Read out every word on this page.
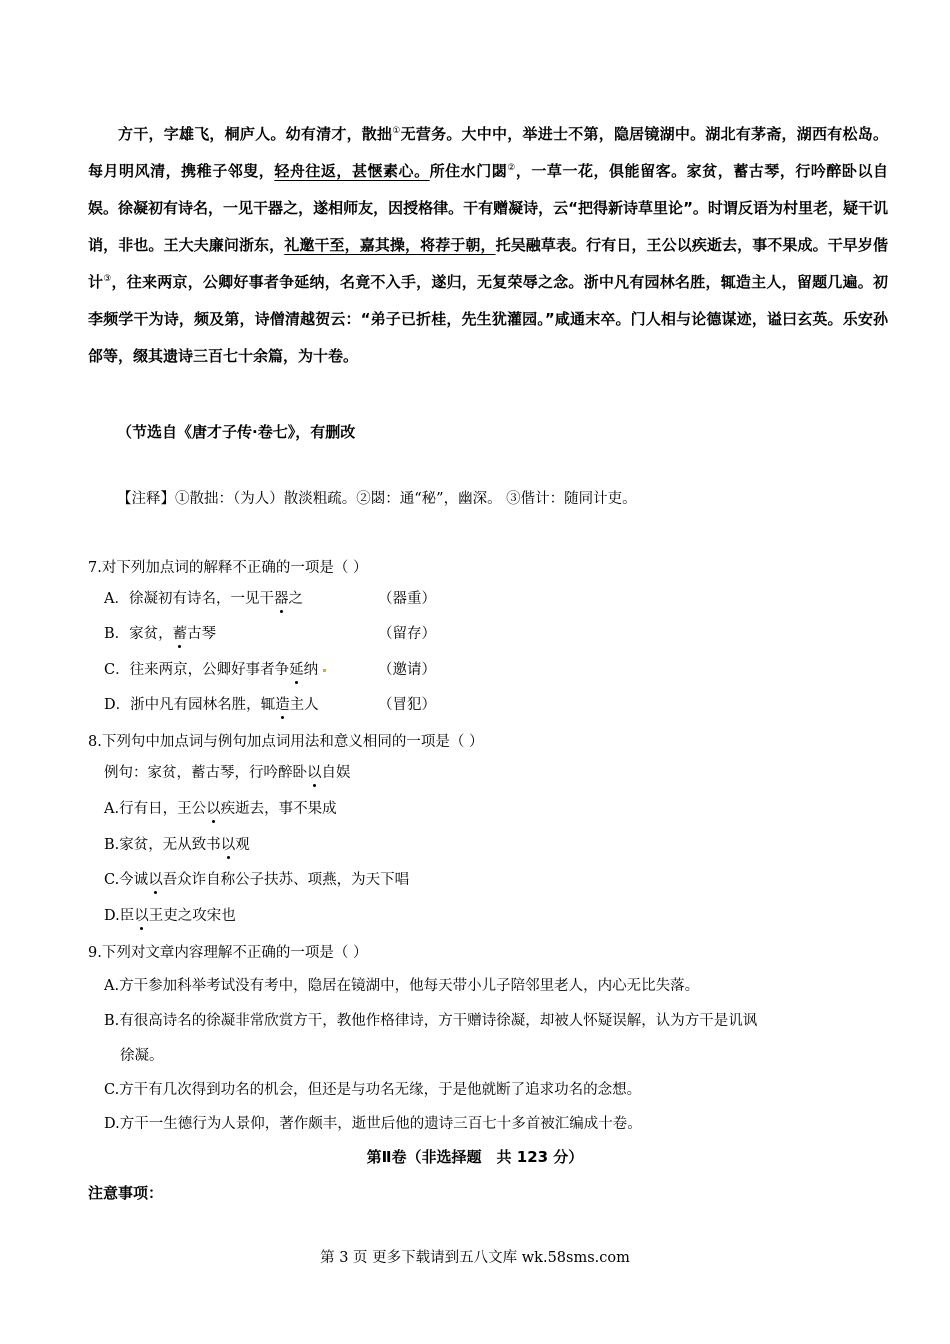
方干，字雄飞，桐庐人。幼有清才，散拙①无营务。大中中，举进士不第，隐居镜湖中。湖北有茅斋，湖西有松岛。每月明风清，携稚子邻叟，轻舟往返，甚惬素心。所住水门閟②，一草一花，俱能留客。家贫，蓄古琴，行吟醉卧以自娱。徐凝初有诗名，一见干器之，遂相师友，因授格律。干有赠凝诗，云“把得新诗草里论”。时谓反语为村里老，疑干讥诮，非也。王大夫廉问浙东，礼邀干至，嘉其操，将荐于朝，托吴融草表。行有日，王公以疾逝去，事不果成。干早岁偕计③，往来两京，公卿好事者争延纳，名竟不入手，遂归，无复荣辱之念。浙中凡有园林名胜，辄造主人，留题几遍。初李频学干为诗，频及第，诗僧清越贺云：“弟子已折桂，先生犹灌园。”咸通末卒。门人相与论德谋迹，谥曰玄英。乐安孙郃等，缀其遗诗三百七十余篇，为十卷。

（节选自《唐才子传·卷七》，有删改
【注释】①散拙：（为人）散淡粗疏。②閟：通“秘”，幽深。 ③偕计：随同计吏。
7.对下列加点词的解释不正确的一项是（ ）
A．徐凝初有诗名，一见干器之	（器重）
B．家贫，蓄古琴	（留存）
C．往来两京，公卿好事者争延纳	（邀请）
D．浙中凡有园林名胜，辄造主人	（冒犯）
8.下列句中加点词与例句加点词用法和意义相同的一项是（ ）
例句：家贫，蓄古琴，行吟醉卧以自娱
A.行有日，王公以疾逝去，事不果成
B.家贫，无从致书以观
C.今诚以吾众诈自称公子扶苏、项燕，为天下唱
D.臣以王吏之攻宋也
9.下列对文章内容理解不正确的一项是（ ）
A.方干参加科举考试没有考中，隐居在镜湖中，他每天带小儿子陪邻里老人，内心无比失落。
B.有很高诗名的徐凝非常欣赏方干，教他作格律诗，方干赠诗徐凝，却被人怀疑误解，认为方干是讥讽
徐凝。
C.方干有几次得到功名的机会，但还是与功名无缘，于是他就断了追求功名的念想。
D.方干一生德行为人景仰，著作颇丰，逝世后他的遗诗三百七十多首被汇编成十卷。
第Ⅱ卷（非选择题　共 123 分）
注意事项：
第 3 页 更多下载请到五八文库 wk.58sms.com
